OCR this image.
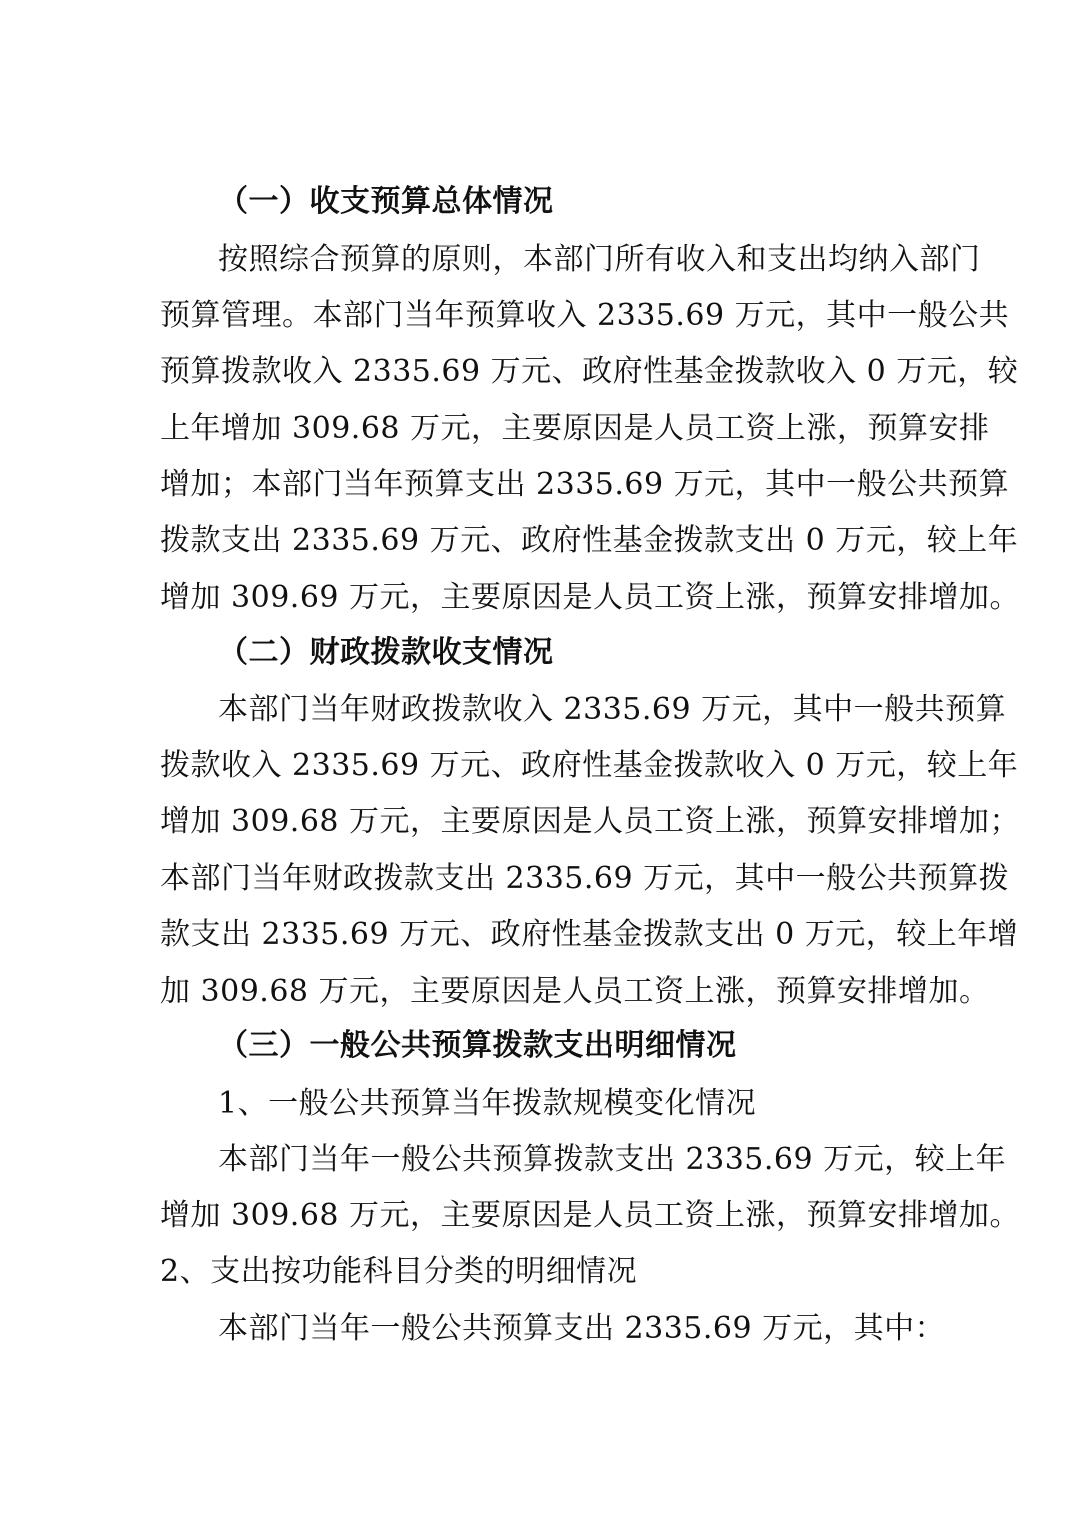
（一）收支预算总体情况
按照综合预算的原则，本部门所有收入和支出均纳入部门
预算管理。本部门当年预算收入 2335.69 万元，其中一般公共
预算拨款收入 2335.69 万元、政府性基金拨款收入 0 万元，较
上年增加 309.68 万元，主要原因是人员工资上涨，预算安排
增加；本部门当年预算支出 2335.69 万元，其中一般公共预算
拨款支出 2335.69 万元、政府性基金拨款支出 0 万元，较上年
增加 309.69 万元，主要原因是人员工资上涨，预算安排增加。
（二）财政拨款收支情况
本部门当年财政拨款收入 2335.69 万元，其中一般共预算
拨款收入 2335.69 万元、政府性基金拨款收入 0 万元，较上年
增加 309.68 万元，主要原因是人员工资上涨，预算安排增加；
本部门当年财政拨款支出 2335.69 万元，其中一般公共预算拨
款支出 2335.69 万元、政府性基金拨款支出 0 万元，较上年增
加 309.68 万元，主要原因是人员工资上涨，预算安排增加。
（三）一般公共预算拨款支出明细情况
1、一般公共预算当年拨款规模变化情况
本部门当年一般公共预算拨款支出 2335.69 万元，较上年
增加 309.68 万元，主要原因是人员工资上涨，预算安排增加。
2、支出按功能科目分类的明细情况
本部门当年一般公共预算支出 2335.69 万元，其中：
